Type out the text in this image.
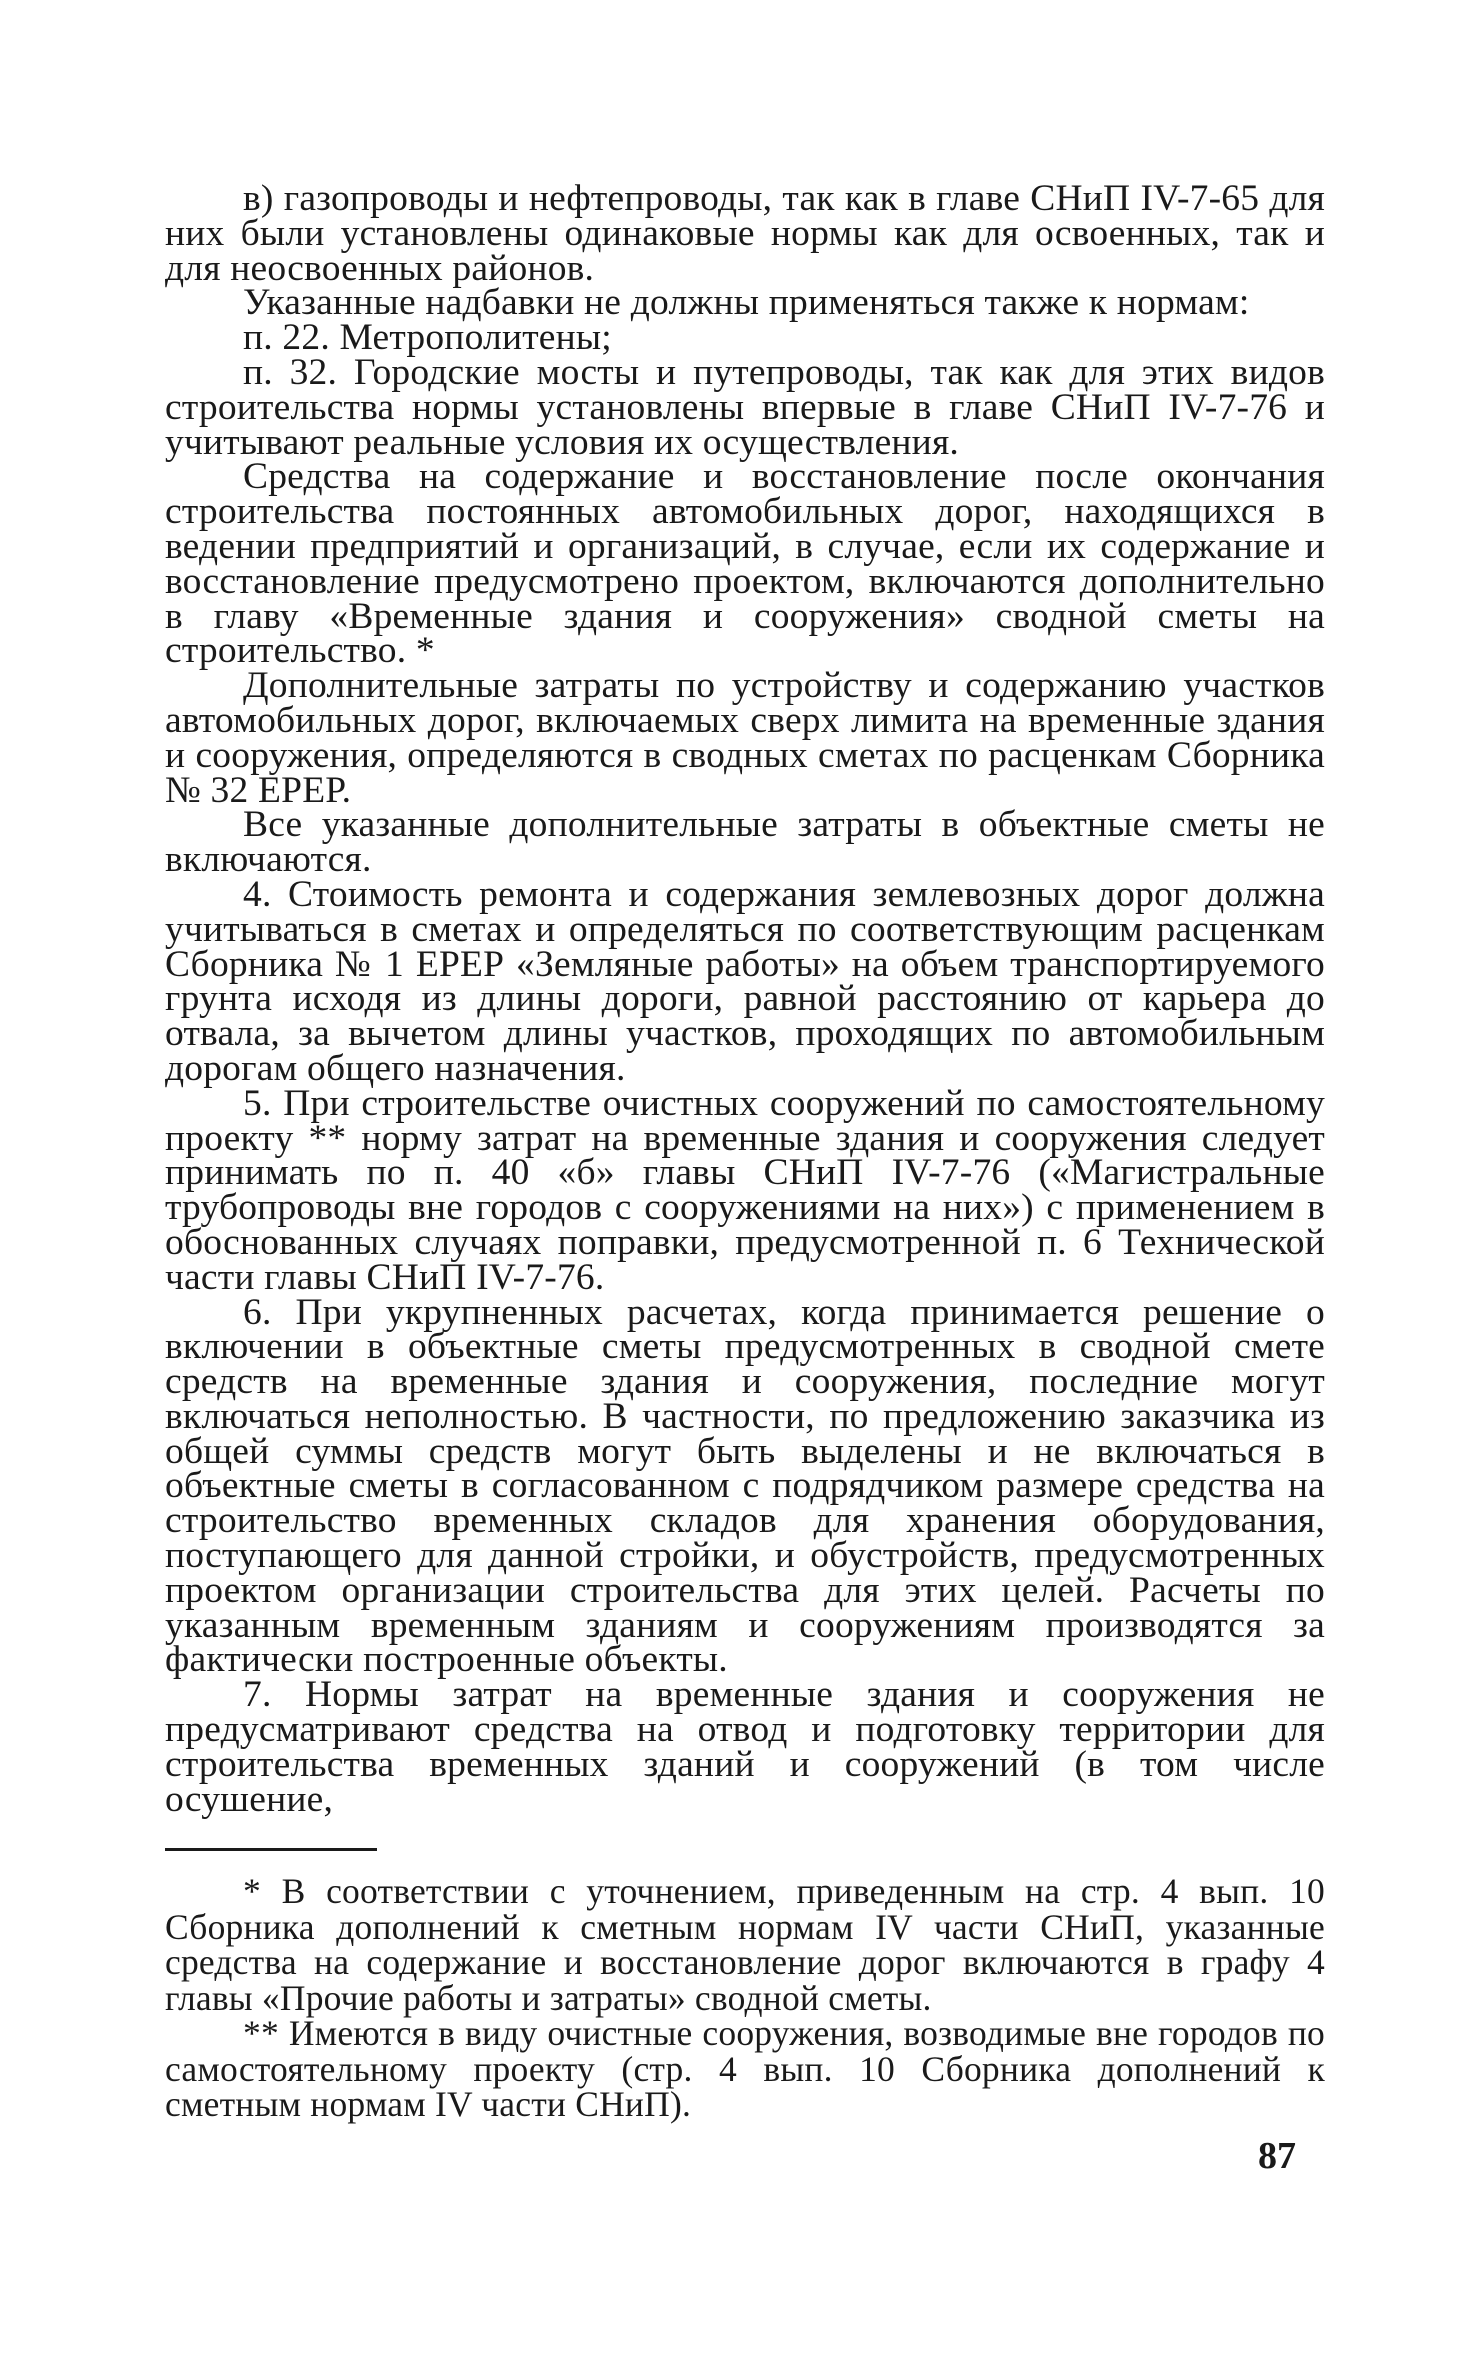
в) газопроводы и нефтепроводы, так как в главе СНиП IV-7-65 для них были установлены одинаковые нормы как для освоенных, так и для неосвоенных районов.

Указанные надбавки не должны применяться также к нормам:

п. 22. Метрополитены;

п. 32. Городские мосты и путепроводы, так как для этих видов строительства нормы установлены впервые в главе СНиП IV-7-76 и учитывают реальные условия их осуществления.

Средства на содержание и восстановление после окончания строительства постоянных автомобильных дорог, находящихся в ведении предприятий и организаций, в случае, если их содержание и восстановление предусмотрено проектом, включаются дополнительно в главу «Временные здания и сооружения» сводной сметы на строительство. *

Дополнительные затраты по устройству и содержанию участков автомобильных дорог, включаемых сверх лимита на временные здания и сооружения, определяются в сводных сметах по расценкам Сборника № 32 ЕРЕР.

Все указанные дополнительные затраты в объектные сметы не включаются.

4. Стоимость ремонта и содержания землевозных дорог должна учитываться в сметах и определяться по соответствующим расценкам Сборника № 1 ЕРЕР «Земляные работы» на объем транспортируемого грунта исходя из длины дороги, равной расстоянию от карьера до отвала, за вычетом длины участков, проходящих по автомобильным дорогам общего назначения.

5. При строительстве очистных сооружений по самостоятельному проекту ** норму затрат на временные здания и сооружения следует принимать по п. 40 «б» главы СНиП IV-7-76 («Магистральные трубопроводы вне городов с сооружениями на них») с применением в обоснованных случаях поправки, предусмотренной п. 6 Технической части главы СНиП IV-7-76.

6. При укрупненных расчетах, когда принимается решение о включении в объектные сметы предусмотренных в сводной смете средств на временные здания и сооружения, последние могут включаться неполностью. В частности, по предложению заказчика из общей суммы средств могут быть выделены и не включаться в объектные сметы в согласованном с подрядчиком размере средства на строительство временных складов для хранения оборудования, поступающего для данной стройки, и обустройств, предусмотренных проектом организации строительства для этих целей. Расчеты по указанным временным зданиям и сооружениям производятся за фактически построенные объекты.

7. Нормы затрат на временные здания и сооружения не предусматривают средства на отвод и подготовку территории для строительства временных зданий и сооружений (в том числе осушение,

* В соответствии с уточнением, приведенным на стр. 4 вып. 10 Сборника дополнений к сметным нормам IV части СНиП, указанные средства на содержание и восстановление дорог включаются в графу 4 главы «Прочие работы и затраты» сводной сметы.

** Имеются в виду очистные сооружения, возводимые вне городов по самостоятельному проекту (стр. 4 вып. 10 Сборника дополнений к сметным нормам IV части СНиП).

87
